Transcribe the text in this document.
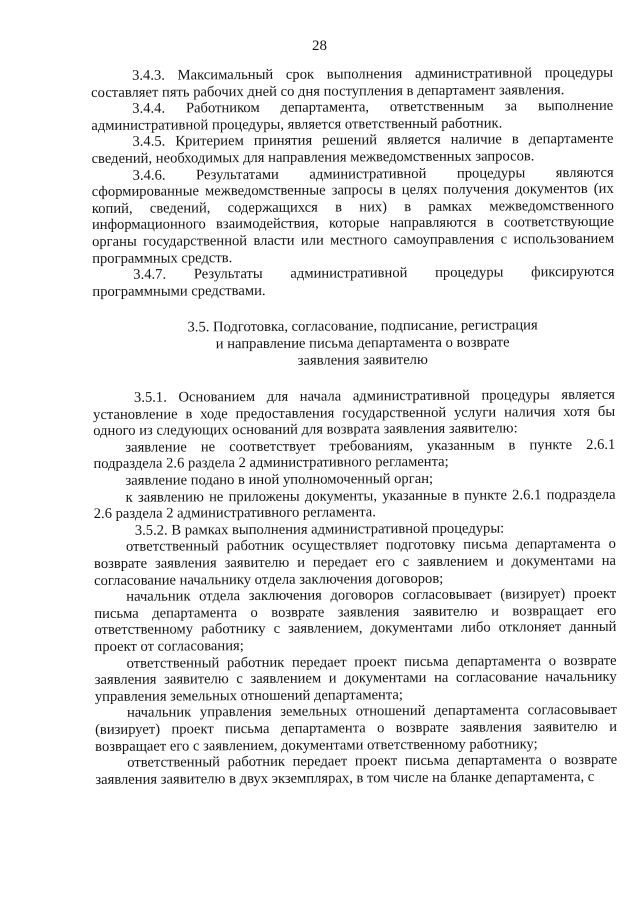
28

3.4.3. Максимальный срок выполнения административной процедуры составляет пять рабочих дней со дня поступления в департамент заявления.

3.4.4. Работником департамента, ответственным за выполнение административной процедуры, является ответственный работник.

3.4.5. Критерием принятия решений является наличие в департаменте сведений, необходимых для направления межведомственных запросов.

3.4.6. Результатами административной процедуры являются сформированные межведомственные запросы в целях получения документов (их копий, сведений, содержащихся в них) в рамках межведомственного информационного взаимодействия, которые направляются в соответствующие органы государственной власти или местного самоуправления с использованием программных средств.

3.4.7. Результаты административной процедуры фиксируются программными средствами.

3.5. Подготовка, согласование, подписание, регистрация
и направление письма департамента о возврате
заявления заявителю

3.5.1. Основанием для начала административной процедуры является установление в ходе предоставления государственной услуги наличия хотя бы одного из следующих оснований для возврата заявления заявителю:

заявление не соответствует требованиям, указанным в пункте 2.6.1 подраздела 2.6 раздела 2 административного регламента;

заявление подано в иной уполномоченный орган;

к заявлению не приложены документы, указанные в пункте 2.6.1 подраздела 2.6 раздела 2 административного регламента.

3.5.2. В рамках выполнения административной процедуры:

ответственный работник осуществляет подготовку письма департамента о возврате заявления заявителю и передает его с заявлением и документами на согласование начальнику отдела заключения договоров;

начальник отдела заключения договоров согласовывает (визирует) проект письма департамента о возврате заявления заявителю и возвращает его ответственному работнику с заявлением, документами либо отклоняет данный проект от согласования;

ответственный работник передает проект письма департамента о возврате заявления заявителю с заявлением и документами на согласование начальнику управления земельных отношений департамента;

начальник управления земельных отношений департамента согласовывает (визирует) проект письма департамента о возврате заявления заявителю и возвращает его с заявлением, документами ответственному работнику;

ответственный работник передает проект письма департамента о возврате заявления заявителю в двух экземплярах, в том числе на бланке департамента, с
